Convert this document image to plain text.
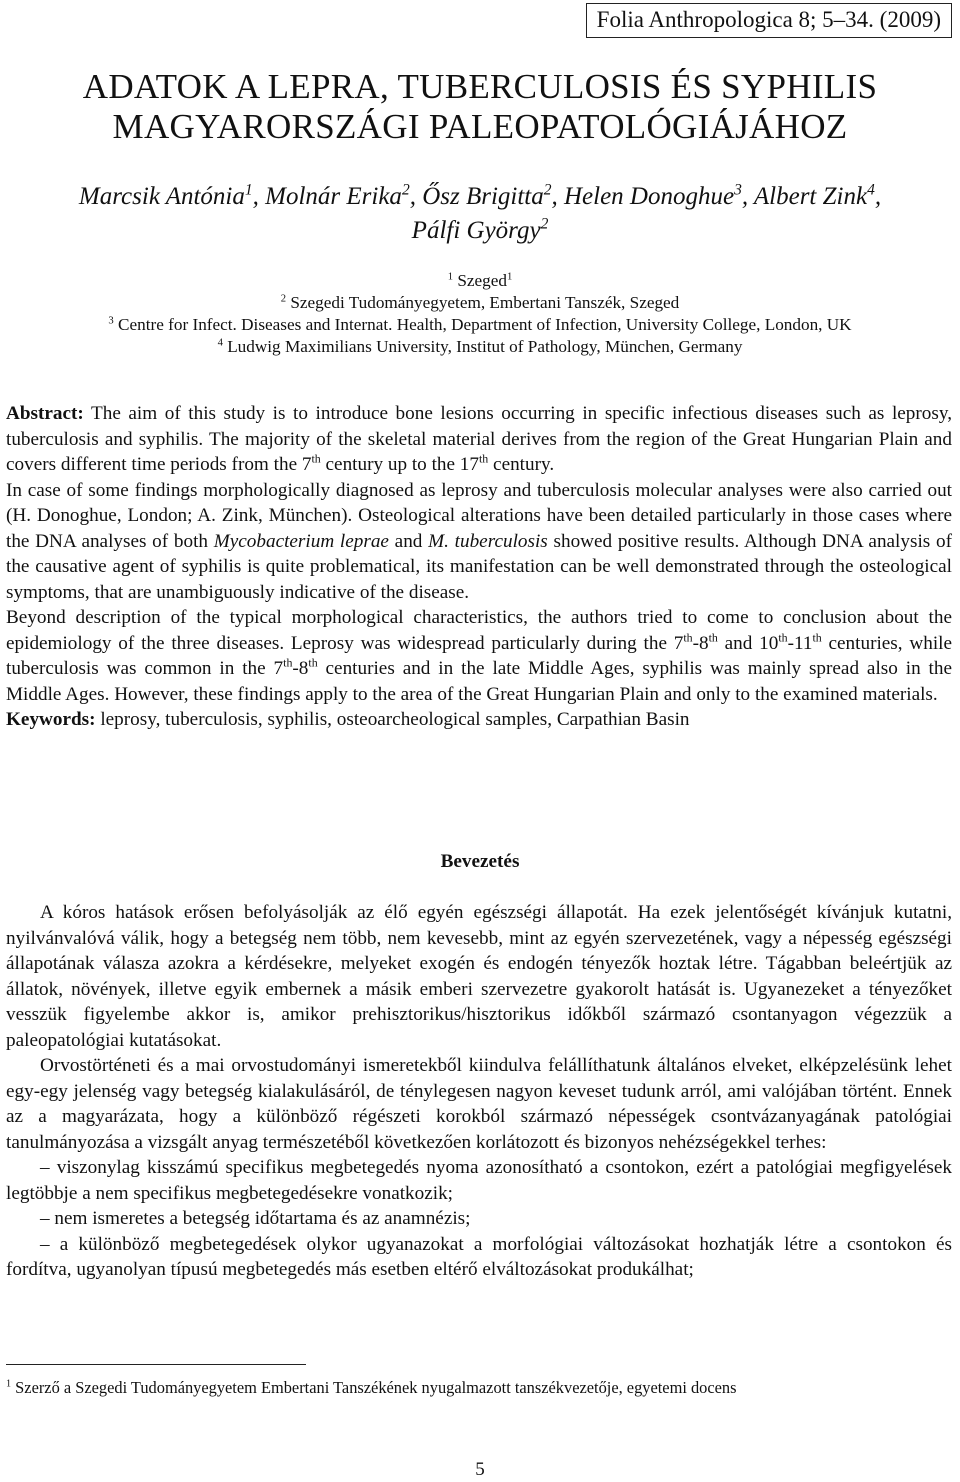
Folia Anthropologica 8; 5–34. (2009)
ADATOK A LEPRA, TUBERCULOSIS ÉS SYPHILIS
MAGYARORSZÁGI PALEOPATOLÓGIÁJÁHOZ
Marcsik Antónia$^1$, Molnár Erika$^2$, Ősz Brigitta$^2$, Helen Donoghue$^3$, Albert Zink$^4$,
Pálfi György$^2$
$^1$ Szeged$^1$
$^2$ Szegedi Tudományegyetem, Embertani Tanszék, Szeged
$^3$ Centre for Infect. Diseases and Internat. Health, Department of Infection, University College, London, UK
$^4$ Ludwig Maximilians University, Institut of Pathology, München, Germany

Abstract: The aim of this study is to introduce bone lesions occurring in specific infectious diseases such as leprosy, tuberculosis and syphilis. The majority of the skeletal material derives from the region of the Great Hungarian Plain and covers different time periods from the 7th century up to the 17th century.

In case of some findings morphologically diagnosed as leprosy and tuberculosis molecular analyses were also carried out (H. Donoghue, London; A. Zink, München). Osteological alterations have been detailed particularly in those cases where the DNA analyses of both Mycobacterium leprae and M. tuberculosis showed positive results. Although DNA analysis of the causative agent of syphilis is quite problematical, its manifestation can be well demonstrated through the osteological symptoms, that are unambiguously indicative of the disease.

Beyond description of the typical morphological characteristics, the authors tried to come to conclusion about the epidemiology of the three diseases. Leprosy was widespread particularly during the 7th-8th and 10th-11th centuries, while tuberculosis was common in the 7th-8th centuries and in the late Middle Ages, syphilis was mainly spread also in the Middle Ages. However, these findings apply to the area of the Great Hungarian Plain and only to the examined materials.

Keywords: leprosy, tuberculosis, syphilis, osteoarcheological samples, Carpathian Basin

Bevezetés

A kóros hatások erősen befolyásolják az élő egyén egészségi állapotát. Ha ezek jelentőségét kívánjuk kutatni, nyilvánvalóvá válik, hogy a betegség nem több, nem kevesebb, mint az egyén szervezetének, vagy a népesség egészségi állapotának válasza azokra a kérdésekre, melyeket exogén és endogén tényezők hoztak létre. Tágabban beleértjük az állatok, növények, illetve egyik embernek a másik emberi szervezetre gyakorolt hatását is. Ugyanezeket a tényezőket vesszük figyelembe akkor is, amikor prehisztorikus/hisztorikus időkből származó csontanyagon végezzük a paleopatológiai kutatásokat.

Orvostörténeti és a mai orvostudományi ismeretekből kiindulva felállíthatunk általános elveket, elképzelésünk lehet egy-egy jelenség vagy betegség kialakulásáról, de ténylegesen nagyon keveset tudunk arról, ami valójában történt. Ennek az a magyarázata, hogy a különböző régészeti korokból származó népességek csontvázanyagának patológiai tanulmányozása a vizsgált anyag természetéből következően korlátozott és bizonyos nehézségekkel terhes:

– viszonylag kisszámú specifikus megbetegedés nyoma azonosítható a csontokon, ezért a patológiai megfigyelések legtöbbje a nem specifikus megbetegedésekre vonatkozik;

– nem ismeretes a betegség időtartama és az anamnézis;

– a különböző megbetegedések olykor ugyanazokat a morfológiai változásokat hozhatják létre a csontokon és fordítva, ugyanolyan típusú megbetegedés más esetben eltérő elváltozásokat produkálhat;

$^1$ Szerző a Szegedi Tudományegyetem Embertani Tanszékének nyugalmazott tanszékvezetője, egyetemi docens
5
